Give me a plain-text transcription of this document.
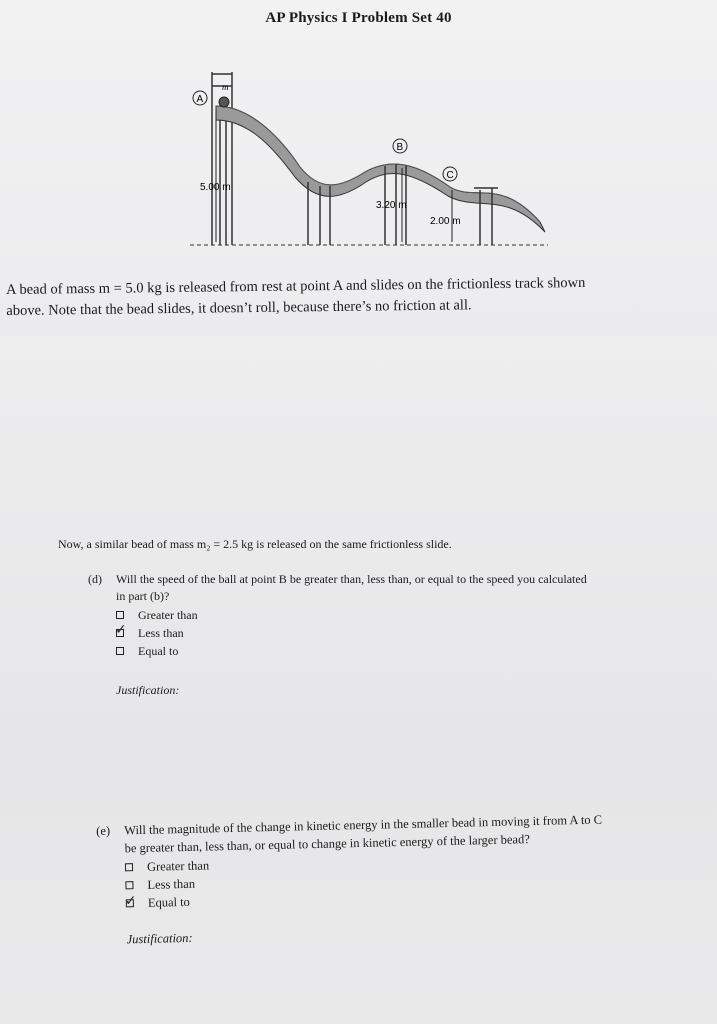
AP Physics I Problem Set 40
m
A
B
C
5.00 m
3.20 m
2.00 m
A bead of mass m = 5.0 kg is released from rest at point A and slides on the frictionless track shown
above. Note that the bead slides, it doesn’t roll, because there’s no friction at all.
Now, a similar bead of mass m₂ = 2.5 kg is released on the same frictionless slide.
(d) Will the speed of the ball at point B be greater than, less than, or equal to the speed you calculated
in part (b)?
Greater than
✓ Less than
Equal to
Justification:
(e) Will the magnitude of the change in kinetic energy in the smaller bead in moving it from A to C
be greater than, less than, or equal to change in kinetic energy of the larger bead?
Greater than
Less than
✓ Equal to
Justification:
